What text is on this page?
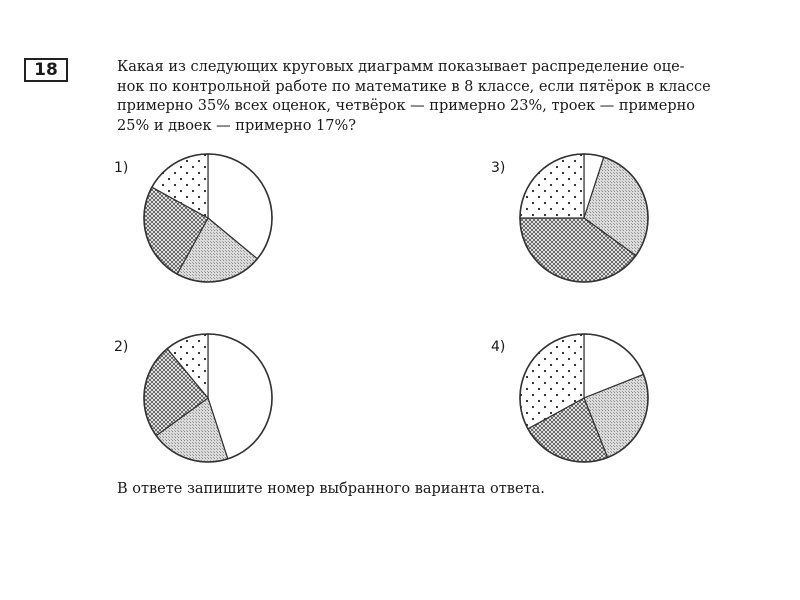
18	Какая из следующих круговых диаграмм показывает распределение оце-
нок по контрольной работе по математике в 8 классе, если пятёрок в классе
примерно 35% всех оценок, четвёрок — примерно 23%, троек — примерно
25% и двоек — примерно 17%?
1)	3)
2)	4)
В ответе запишите номер выбранного варианта ответа.
